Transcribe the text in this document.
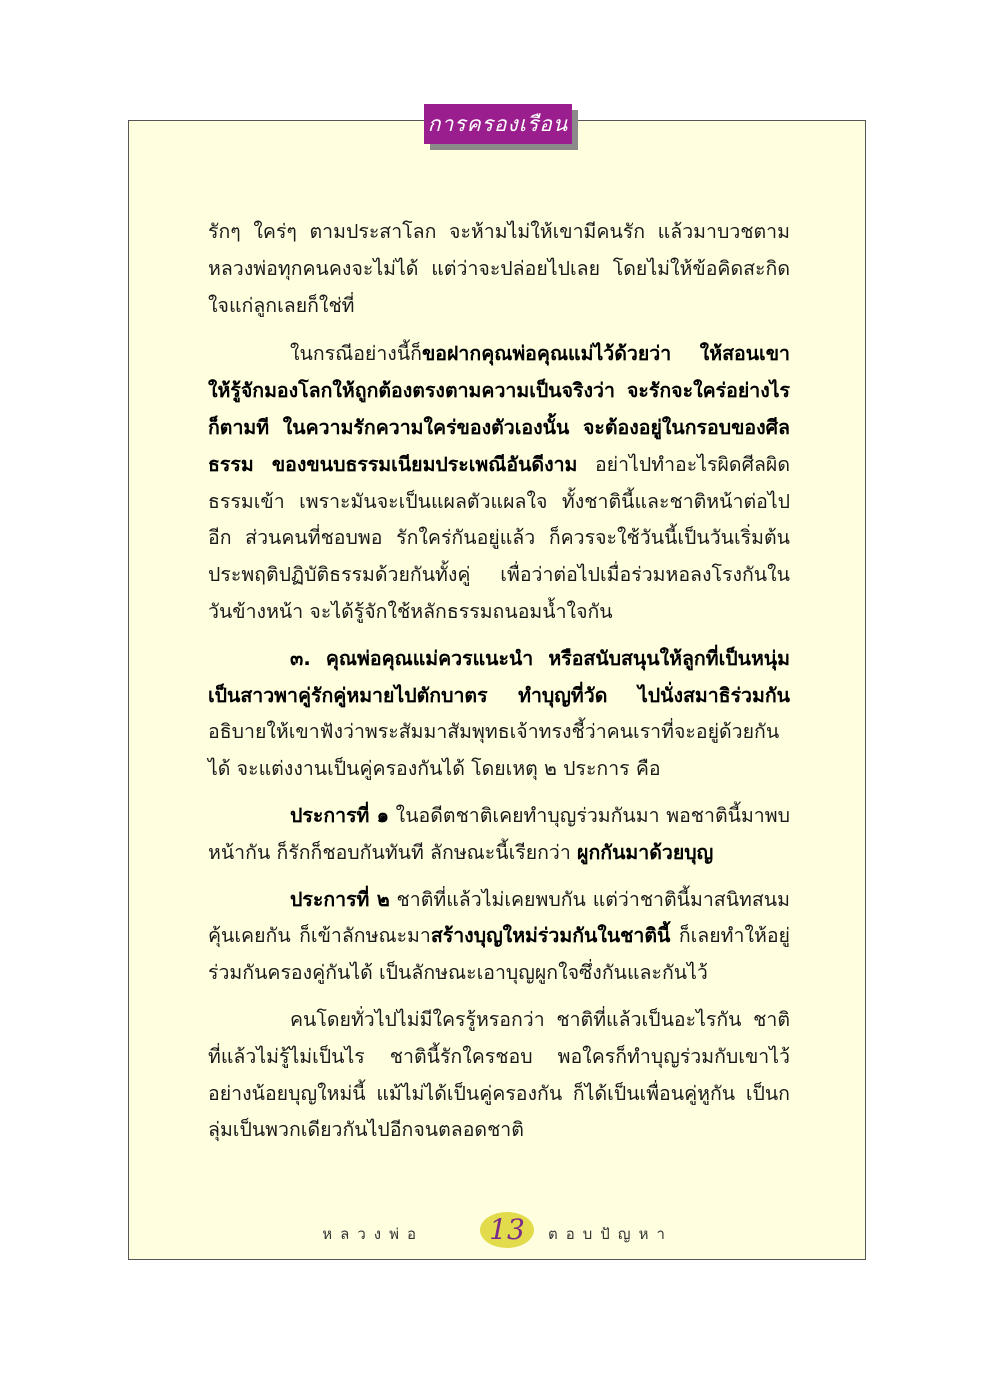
การครองเรือน

รักๆ ใคร่ๆ ตามประสาโลก จะห้ามไม่ให้เขามีคนรัก แล้วมาบวชตามหลวงพ่อทุกคนคงจะไม่ได้ แต่ว่าจะปล่อยไปเลย โดยไม่ให้ข้อคิดสะกิดใจแก่ลูกเลยก็ใช่ที่

ในกรณีอย่างนี้ก็ขอฝากคุณพ่อคุณแม่ไว้ด้วยว่า ให้สอนเขาให้รู้จักมองโลกให้ถูกต้องตรงตามความเป็นจริงว่า จะรักจะใคร่อย่างไรก็ตามที ในความรักความใคร่ของตัวเองนั้น จะต้องอยู่ในกรอบของศีลธรรม ของขนบธรรมเนียมประเพณีอันดีงาม อย่าไปทำอะไรผิดศีลผิดธรรมเข้า เพราะมันจะเป็นแผลตัวแผลใจ ทั้งชาตินี้และชาติหน้าต่อไปอีก ส่วนคนที่ชอบพอ รักใคร่กันอยู่แล้ว ก็ควรจะใช้วันนี้เป็นวันเริ่มต้นประพฤติปฏิบัติธรรมด้วยกันทั้งคู่ เพื่อว่าต่อไปเมื่อร่วมหอลงโรงกันในวันข้างหน้า จะได้รู้จักใช้หลักธรรมถนอมน้ำใจกัน

๓. คุณพ่อคุณแม่ควรแนะนำ หรือสนับสนุนให้ลูกที่เป็นหนุ่มเป็นสาวพาคู่รักคู่หมายไปตักบาตร ทำบุญที่วัด ไปนั่งสมาธิร่วมกัน อธิบายให้เขาฟังว่าพระสัมมาสัมพุทธเจ้าทรงชี้ว่าคนเราที่จะอยู่ด้วยกันได้ จะแต่งงานเป็นคู่ครองกันได้ โดยเหตุ ๒ ประการ คือ

ประการที่ ๑ ในอดีตชาติเคยทำบุญร่วมกันมา พอชาตินี้มาพบหน้ากัน ก็รักก็ชอบกันทันที ลักษณะนี้เรียกว่า ผูกกันมาด้วยบุญ

ประการที่ ๒ ชาติที่แล้วไม่เคยพบกัน แต่ว่าชาตินี้มาสนิทสนมคุ้นเคยกัน ก็เข้าลักษณะมาสร้างบุญใหม่ร่วมกันในชาตินี้ ก็เลยทำให้อยู่ร่วมกันครองคู่กันได้ เป็นลักษณะเอาบุญผูกใจซึ่งกันและกันไว้

คนโดยทั่วไปไม่มีใครรู้หรอกว่า ชาติที่แล้วเป็นอะไรกัน ชาติที่แล้วไม่รู้ไม่เป็นไร ชาตินี้รักใครชอบ พอใครก็ทำบุญร่วมกับเขาไว้ อย่างน้อยบุญใหม่นี้ แม้ไม่ได้เป็นคู่ครองกัน ก็ได้เป็นเพื่อนคู่หูกัน เป็นกลุ่มเป็นพวกเดียวกันไปอีกจนตลอดชาติ

หลวงพ่อ	13	ตอบปัญหา
